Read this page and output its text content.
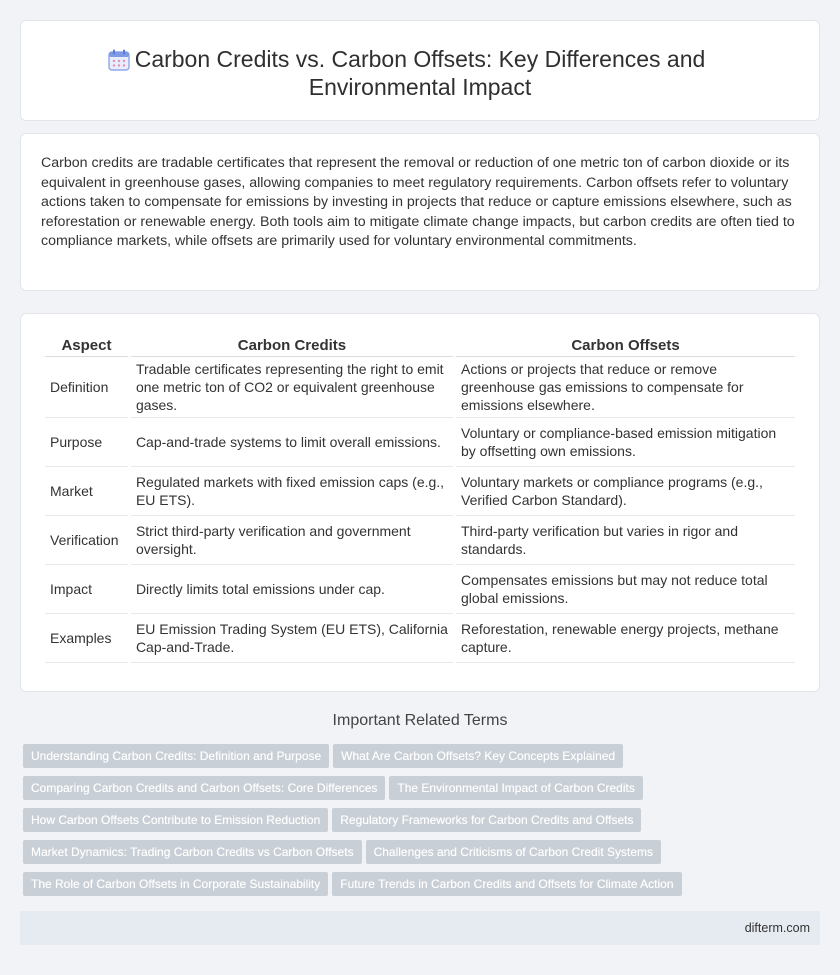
Carbon Credits vs. Carbon Offsets: Key Differences and
Environmental Impact

Carbon credits are tradable certificates that represent the removal or reduction of one metric ton of carbon dioxide or its equivalent in greenhouse gases, allowing companies to meet regulatory requirements. Carbon offsets refer to voluntary actions taken to compensate for emissions by investing in projects that reduce or capture emissions elsewhere, such as reforestation or renewable energy. Both tools aim to mitigate climate change impacts, but carbon credits are often tied to compliance markets, while offsets are primarily used for voluntary environmental commitments.

Aspect	Carbon Credits	Carbon Offsets
Definition	Tradable certificates representing the right to emit one metric ton of CO2 or equivalent greenhouse gases.	Actions or projects that reduce or remove greenhouse gas emissions to compensate for emissions elsewhere.
Purpose	Cap-and-trade systems to limit overall emissions.	Voluntary or compliance-based emission mitigation by offsetting own emissions.
Market	Regulated markets with fixed emission caps (e.g., EU ETS).	Voluntary markets or compliance programs (e.g., Verified Carbon Standard).
Verification	Strict third-party verification and government oversight.	Third-party verification but varies in rigor and standards.
Impact	Directly limits total emissions under cap.	Compensates emissions but may not reduce total global emissions.
Examples	EU Emission Trading System (EU ETS), California Cap-and-Trade.	Reforestation, renewable energy projects, methane capture.
Important Related Terms
Understanding Carbon Credits: Definition and Purpose What Are Carbon Offsets? Key Concepts Explained
Comparing Carbon Credits and Carbon Offsets: Core Differences The Environmental Impact of Carbon Credits
How Carbon Offsets Contribute to Emission Reduction Regulatory Frameworks for Carbon Credits and Offsets
Market Dynamics: Trading Carbon Credits vs Carbon Offsets Challenges and Criticisms of Carbon Credit Systems
The Role of Carbon Offsets in Corporate Sustainability Future Trends in Carbon Credits and Offsets for Climate Action
difterm.com
